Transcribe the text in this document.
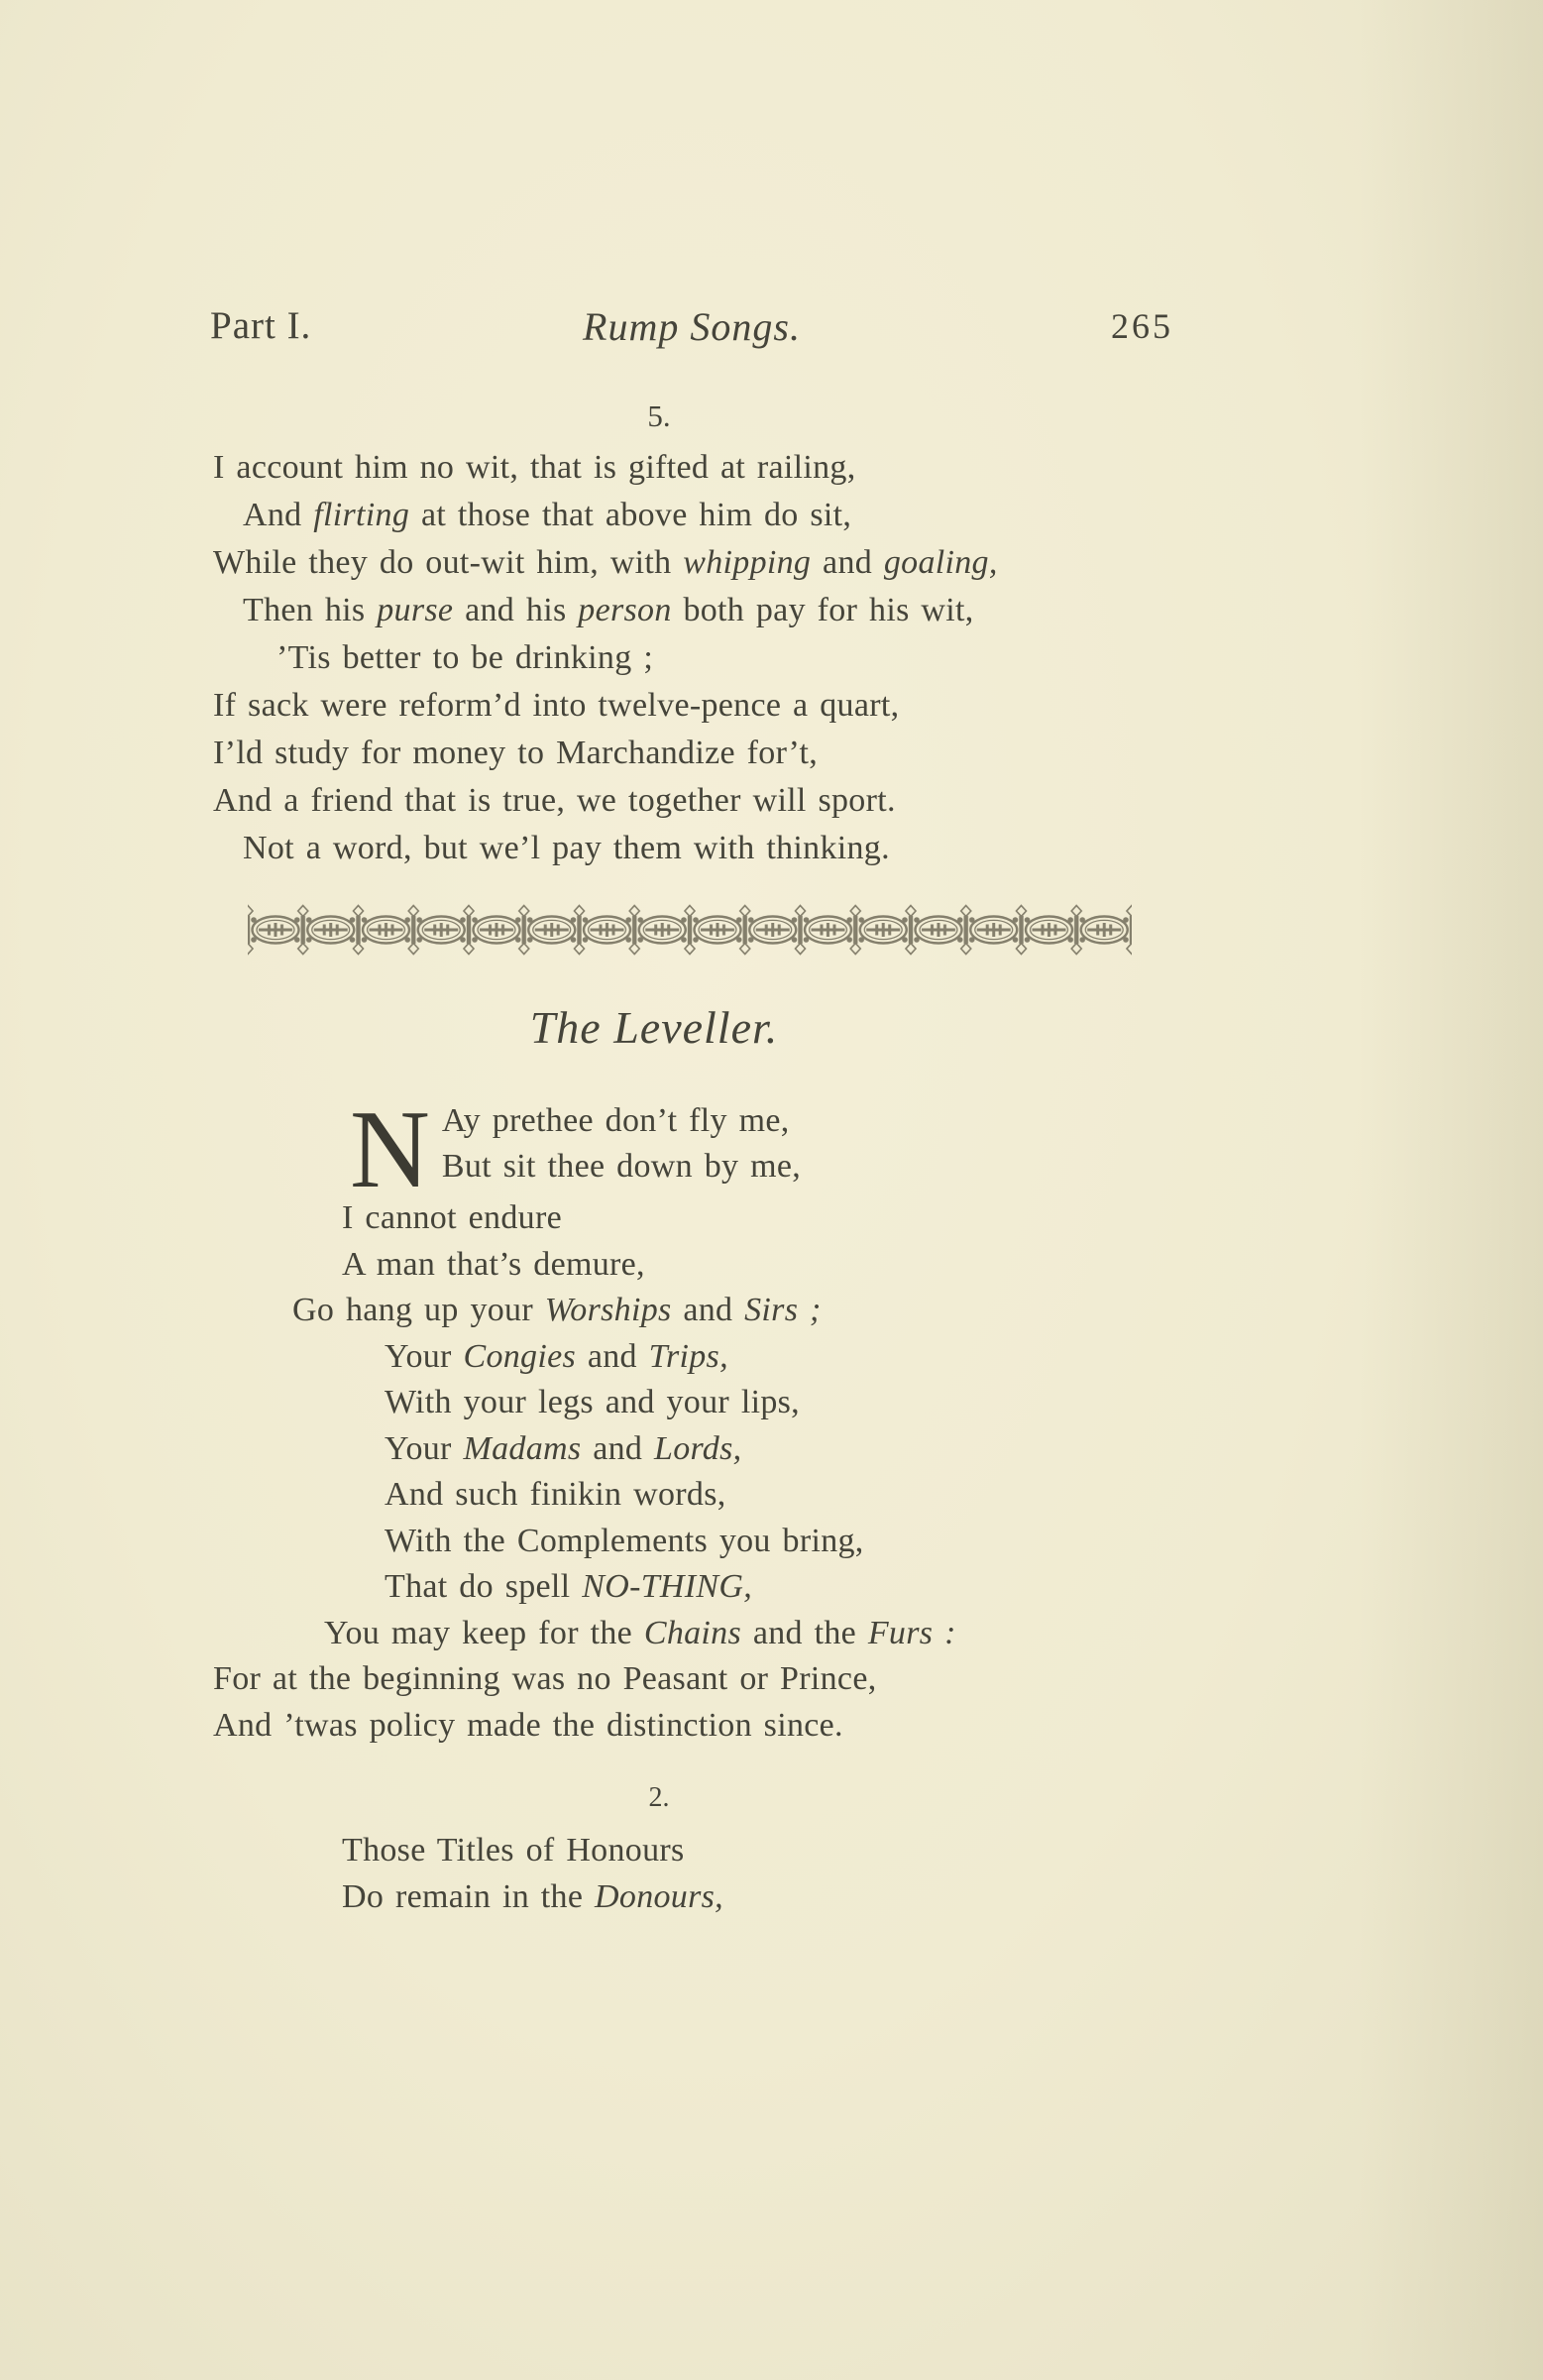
Part I.	Rump Songs.	265
5.
I account him no wit, that is gifted at railing,
And flirting at those that above him do sit,
While they do out-wit him, with whipping and goaling,
Then his purse and his person both pay for his wit,
’Tis better to be drinking ;
If sack were reform’d into twelve-pence a quart,
I’ld study for money to Marchandize for’t,
And a friend that is true, we together will sport.
Not a word, but we’l pay them with thinking.
The Leveller.
N Ay prethee don’t fly me,
But sit thee down by me,
I cannot endure
A man that’s demure,
Go hang up your Worships and Sirs ;
Your Congies and Trips,
With your legs and your lips,
Your Madams and Lords,
And such finikin words,
With the Complements you bring,
That do spell NO-THING,
You may keep for the Chains and the Furs :
For at the beginning was no Peasant or Prince,
And ’twas policy made the distinction since.
2.
Those Titles of Honours
Do remain in the Donours,
